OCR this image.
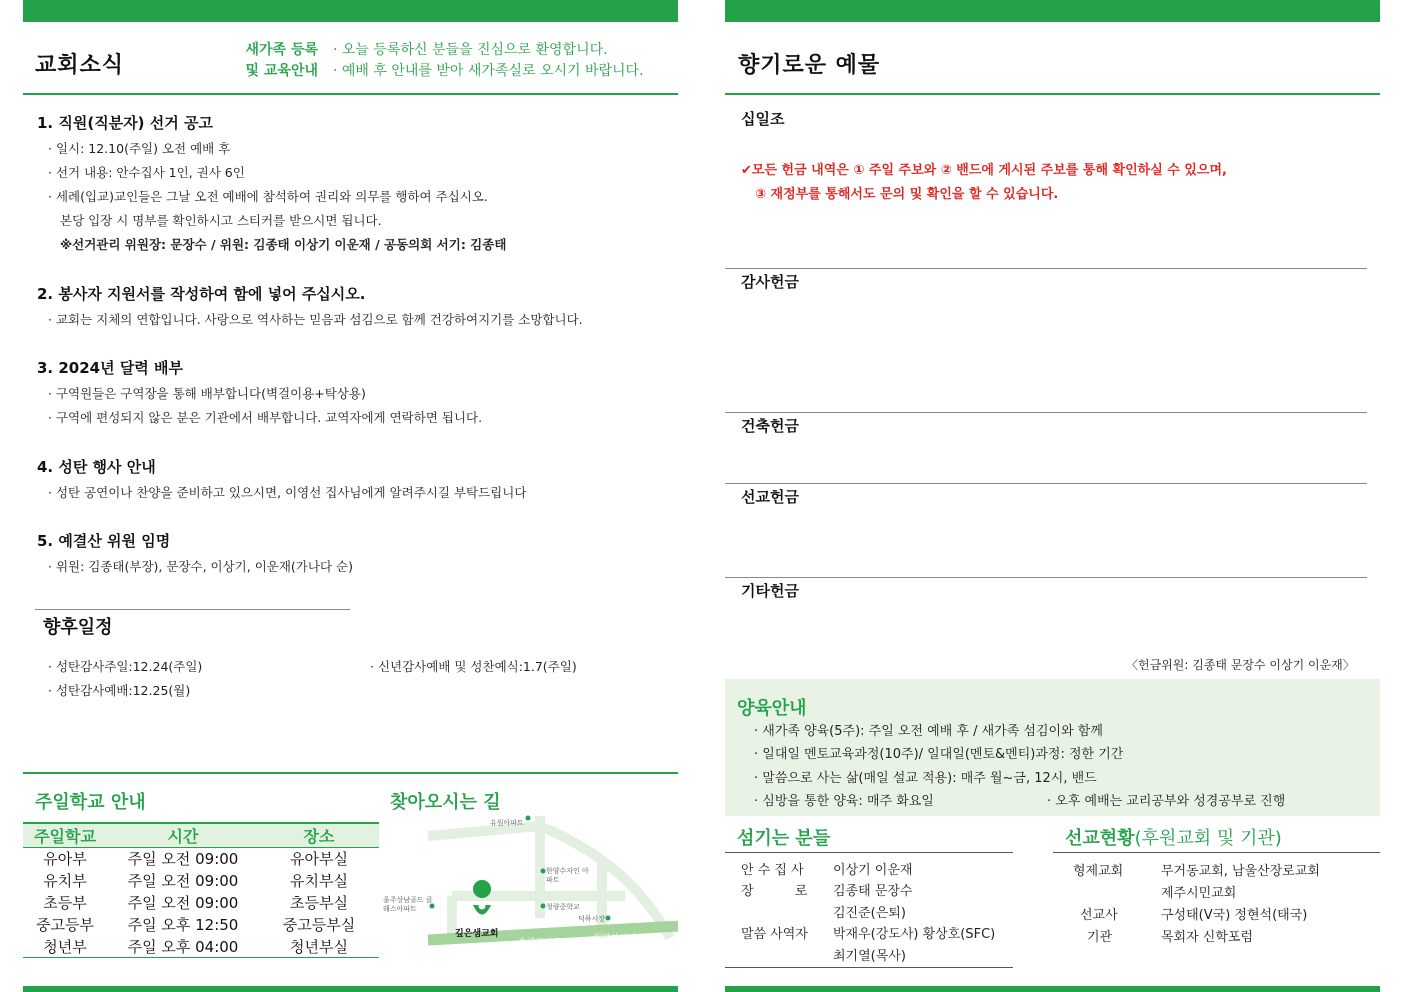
교회소식
새가족 등록
및 교육안내
· 오늘 등록하신 분들을 진심으로 환영합니다.
· 예배 후 안내를 받아 새가족실로 오시기 바랍니다.
1. 직원(직분자) 선거 공고
· 일시: 12.10(주일) 오전 예배 후
· 선거 내용: 안수집사 1인, 권사 6인
· 세례(입교)교인들은 그날 오전 예배에 참석하여 권리와 의무를 행하여 주십시오.
본당 입장 시 명부를 확인하시고 스티커를 받으시면 됩니다.
※선거관리 위원장: 문장수 / 위원: 김종태 이상기 이운재 / 공동의회 서기: 김종태
2. 봉사자 지원서를 작성하여 함에 넣어 주십시오.
· 교회는 지체의 연합입니다. 사랑으로 역사하는 믿음과 섬김으로 함께 건강하여지기를 소망합니다.
3. 2024년 달력 배부
· 구역원들은 구역장을 통해 배부합니다(벽걸이용+탁상용)
· 구역에 편성되지 않은 분은 기관에서 배부합니다. 교역자에게 연락하면 됩니다.
4. 성탄 행사 안내
· 성탄 공연이나 찬양을 준비하고 있으시면, 이영선 집사님에게 알려주시길 부탁드립니다
5. 예결산 위원 임명
· 위원: 김종태(부장), 문장수, 이상기, 이운재(가나다 순)
향후일정
· 성탄감사주일:12.24(주일)
· 성탄감사예배:12.25(월)
· 신년감사예배 및 성찬예식:1.7(주일)
주일학교 안내
주일학교	시간	장소
유아부	주일 오전 09:00	유아부실
유치부	주일 오전 09:00	유치부실
초등부	주일 오전 09:00	초등부실
중고등부	주일 오후 12:50	중고등부실
청년부	주일 오후 04:00	청년부실
찾아오시는 길
유원아파트
한양수자인 아파트
울주상남골드 클래스아파트	청량중학교
덕하시장
깊은샘교회
송진교차로	청덕삼거리
향기로운 예물
십일조
✔모든 헌금 내역은 ① 주일 주보와 ② 밴드에 게시된 주보를 통해 확인하실 수 있으며,
③ 재정부를 통해서도 문의 및 확인을 할 수 있습니다.
감사헌금
건축헌금
선교헌금
기타헌금
〈헌금위원: 김종태 문장수 이상기 이운재〉
양육안내
· 새가족 양육(5주): 주일 오전 예배 후 / 새가족 섬김이와 함께
· 일대일 멘토교육과정(10주)/ 일대일(멘토&멘티)과정: 정한 기간
· 말씀으로 사는 삶(매일 설교 적용): 매주 월~금, 12시, 밴드
· 심방을 통한 양육: 매주 화요일	· 오후 예배는 교리공부와 성경공부로 진행
섬기는 분들
안 수 집 사 이상기 이운재
장          로 김종태 문장수
김진준(은퇴)
말씀 사역자 박재우(강도사) 황상호(SFC)
최기열(목사)
선교현황(후원교회 및 기관)
형제교회	무거동교회, 남울산장로교회
제주시민교회
선교사	구성태(V국) 정현석(태국)
기관	목회자 신학포럼
